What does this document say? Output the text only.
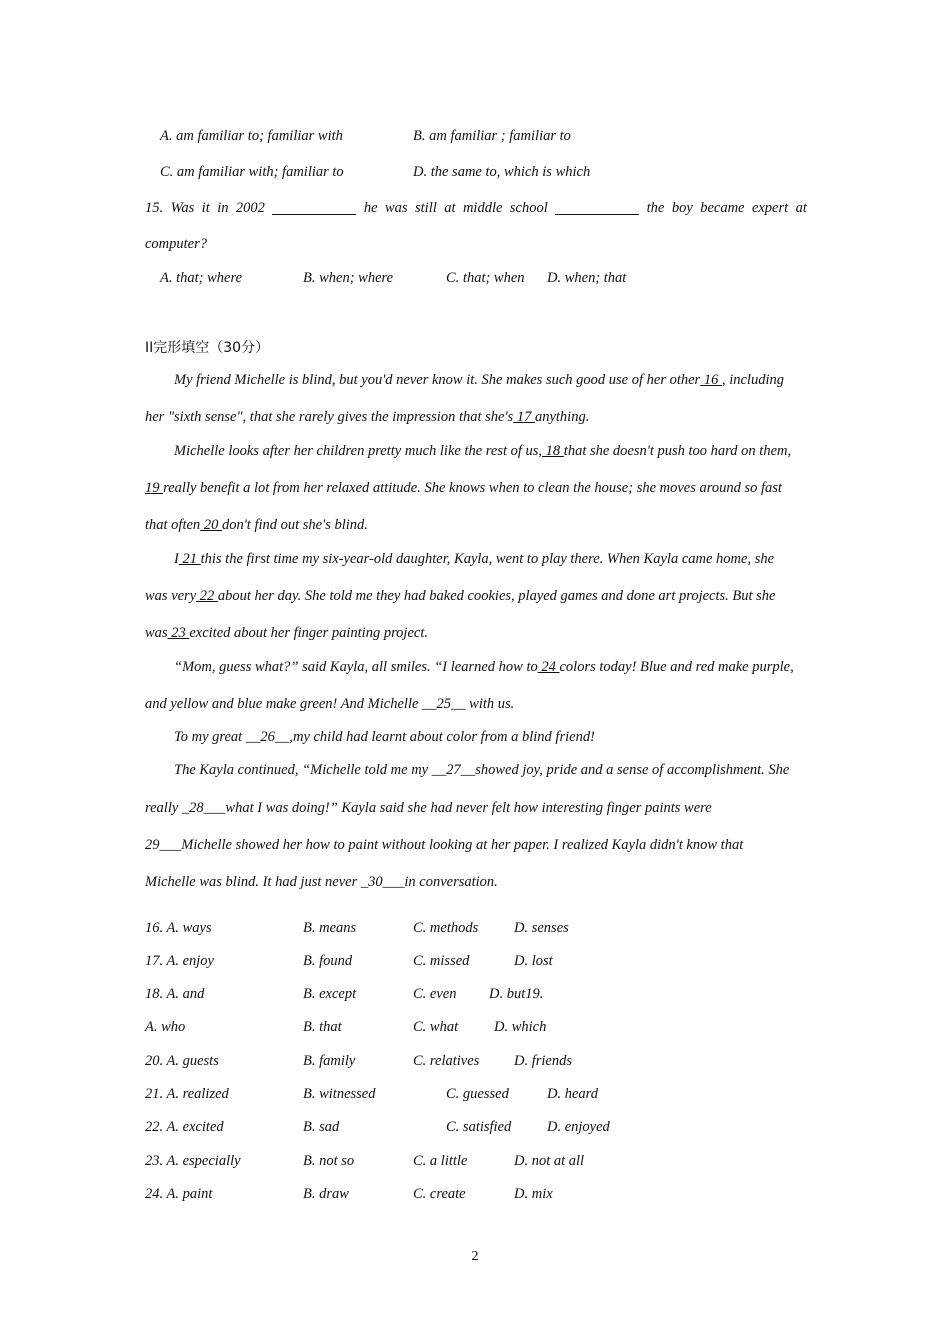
A. am familiar to; familiar with	B. am familiar ; familiar to
C. am familiar with; familiar to	D. the same to, which is which
15. Was it in 2002	he was still at middle school	the boy became expert at
computer?
A. that; where	B. when; where	C. that; when D. when; that
II完形填空（30分）
My friend Michelle is blind, but you'd never know it. She makes such good use of her other 16 , including
her "sixth sense", that she rarely gives the impression that she's 17 anything.
Michelle looks after her children pretty much like the rest of us, 18 that she doesn't push too hard on them,
19 really benefit a lot from her relaxed attitude. She knows when to clean the house; she moves around so fast
that often 20 don't find out she's blind.
I 21 this the first time my six-year-old daughter, Kayla, went to play there. When Kayla came home, she
was very 22 about her day. She told me they had baked cookies, played games and done art projects. But she
was 23 excited about her finger painting project.
“Mom, guess what?” said Kayla, all smiles. “I learned how to 24 colors today! Blue and red make purple,
and yellow and blue make green! And Michelle __25__ with us.
To my great __26__,my child had learnt about color from a blind friend!
The Kayla continued, “Michelle told me my __27__showed joy, pride and a sense of accomplishment. She
really _28___what I was doing!” Kayla said she had never felt how interesting finger paints were
29___Michelle showed her how to paint without looking at her paper. I realized Kayla didn't know that
Michelle was blind. It had just never _30___in conversation.
16. A. ways	B. means	C. methods D. senses
17. A. enjoy	B. found	C. missed	D. lost
18. A. and	B. except	C. even D. but19.
A. who	B. that	C. what D. which
20. A. guests	B. family	C. relatives D. friends
21. A. realized	B. witnessed	C. guessed	D. heard
22. A. excited	B. sad	C. satisfied D. enjoyed
23. A. especially	B. not so	C. a little	D. not at all
24. A. paint	B. draw	C. create	D. mix
2
